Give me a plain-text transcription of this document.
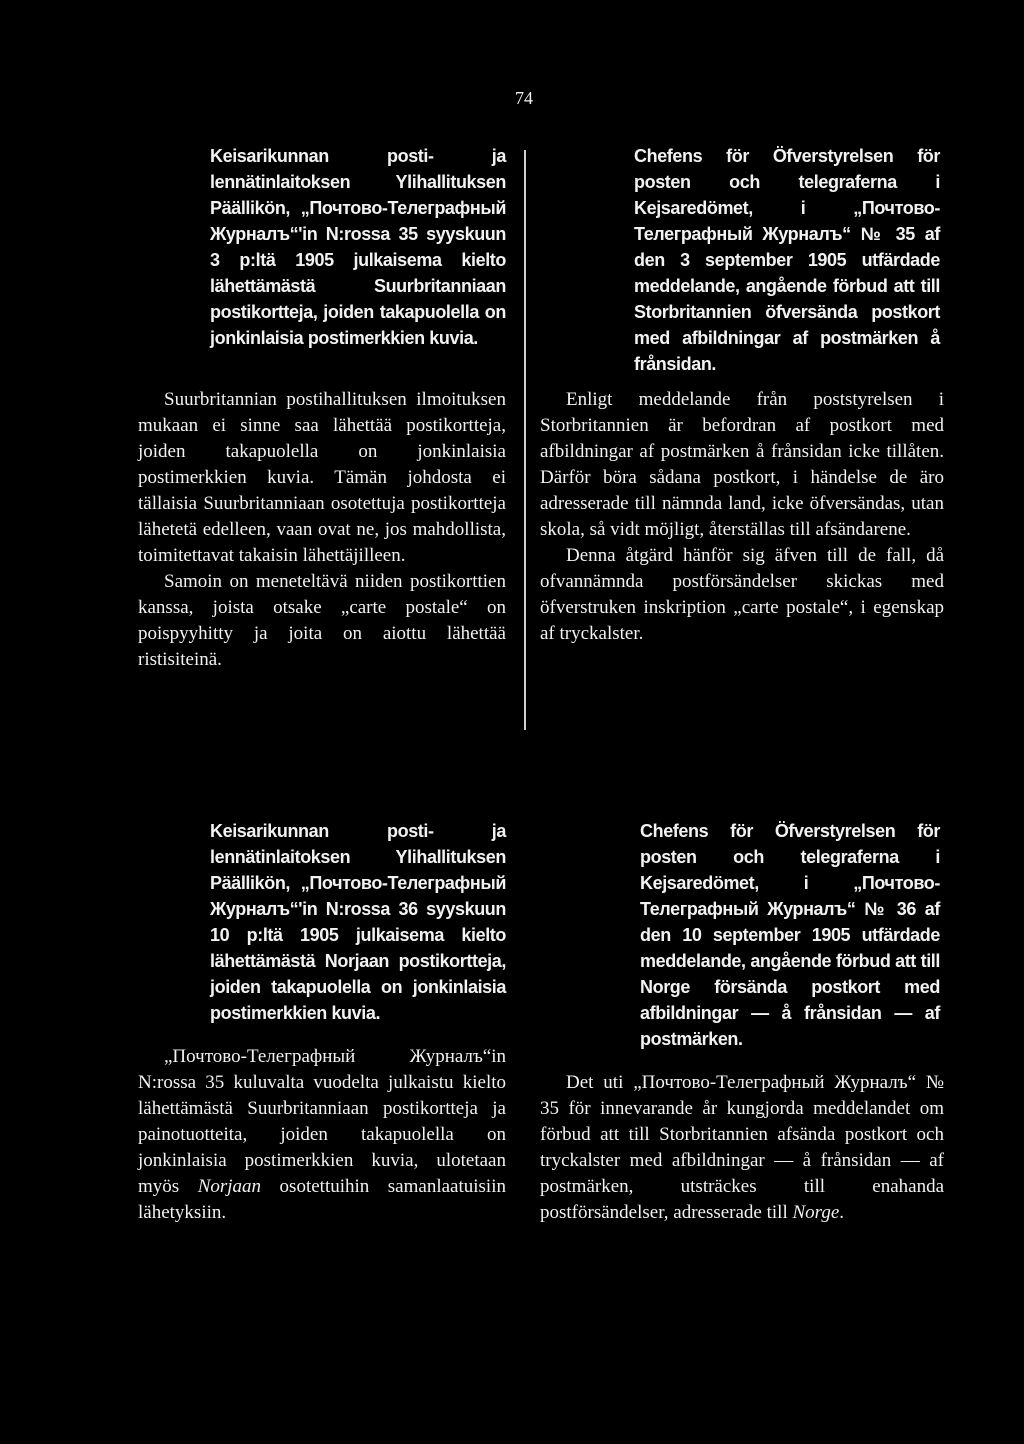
74

Keisarikunnan posti- ja lennätinlaitoksen Ylihallituksen Päällikön, „Почтово-Телеграфный Журналъ“'in N:rossa 35 syyskuun 3 p:ltä 1905 julkaisema kielto lähettämästä Suurbritanniaan postikortteja, joiden takapuolella on jonkinlaisia postimerkkien kuvia.

Suurbritannian postihallituksen ilmoituksen mukaan ei sinne saa lähettää postikortteja, joiden takapuolella on jonkinlaisia postimerkkien kuvia. Tämän johdosta ei tällaisia Suurbritanniaan osotettuja postikortteja lähetetä edelleen, vaan ovat ne, jos mahdollista, toimitettavat takaisin lähettäjilleen.

Samoin on meneteltävä niiden postikorttien kanssa, joista otsake „carte postale“ on poispyyhitty ja joita on aiottu lähettää ristisiteinä.

Chefens för Öfverstyrelsen för posten och telegraferna i Kejsaredömet, i „Почтово-Телеграфный Журналъ“ № 35 af den 3 september 1905 utfärdade meddelande, angående förbud att till Storbritannien öfversända postkort med afbildningar af postmärken å frånsidan.

Enligt meddelande från poststyrelsen i Storbritannien är befordran af postkort med afbildningar af postmärken å frånsidan icke tillåten. Därför böra sådana postkort, i händelse de äro adresserade till nämnda land, icke öfversändas, utan skola, så vidt möjligt, återställas till afsändarene.

Denna åtgärd hänför sig äfven till de fall, då ofvannämnda postförsändelser skickas med öfverstruken inskription „carte postale“, i egenskap af tryckalster.

Keisarikunnan posti- ja lennätinlaitoksen Ylihallituksen Päällikön, „Почтово-Телеграфный Журналъ“'in N:rossa 36 syyskuun 10 p:ltä 1905 julkaisema kielto lähettämästä Norjaan postikortteja, joiden takapuolella on jonkinlaisia postimerkkien kuvia.

„Почтово-Телеграфный Журналъ“in N:rossa 35 kuluvalta vuodelta julkaistu kielto lähettämästä Suurbritanniaan postikortteja ja painotuotteita, joiden takapuolella on jonkinlaisia postimerkkien kuvia, ulotetaan myös Norjaan osotettuihin samanlaatuisiin lähetyksiin.

Chefens för Öfverstyrelsen för posten och telegraferna i Kejsaredömet, i „Почтово-Телеграфный Журналъ“ № 36 af den 10 september 1905 utfärdade meddelande, angående förbud att till Norge försända postkort med afbildningar — å frånsidan — af postmärken.

Det uti „Почтово-Телеграфный Журналъ“ № 35 för innevarande år kungjorda meddelandet om förbud att till Storbritannien afsända postkort och tryckalster med afbildningar — å frånsidan — af postmärken, utsträckes till enahanda postförsändelser, adresserade till Norge.
